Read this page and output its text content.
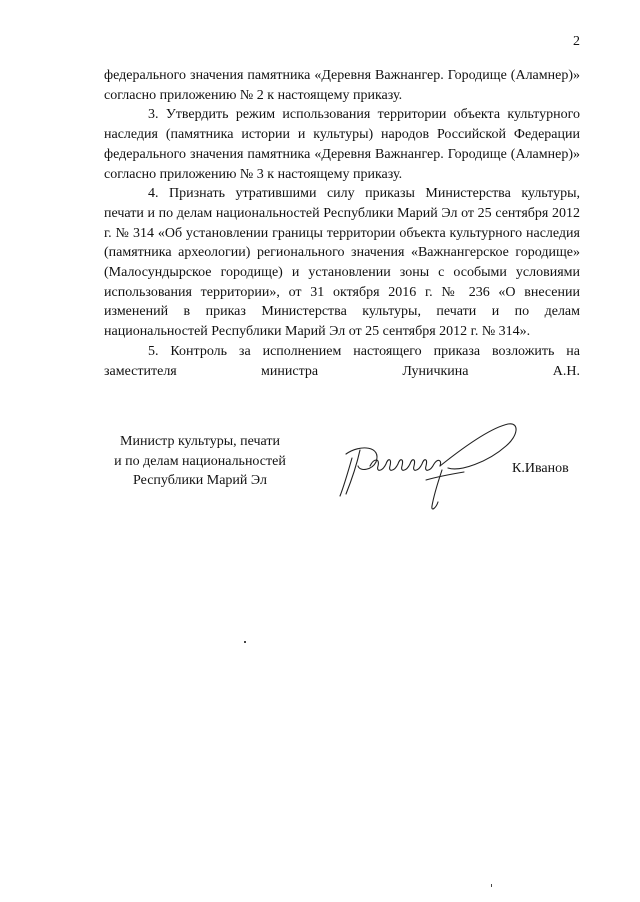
2

федерального значения памятника «Деревня Важнангер. Городище (Аламнер)» согласно приложению № 2 к настоящему приказу.

3. Утвердить режим использования территории объекта культурного наследия (памятника истории и культуры) народов Российской Федерации федерального значения памятника «Деревня Важнангер. Городище (Аламнер)» согласно приложению № 3 к настоящему приказу.

4. Признать утратившими силу приказы Министерства культуры, печати и по делам национальностей Республики Марий Эл от 25 сентября 2012 г. № 314 «Об установлении границы территории объекта культурного наследия (памятника археологии) регионального значения «Важнангерское городище» (Малосундырское городище) и установлении зоны с особыми условиями использования территории», от 31 октября 2016 г. № 236 «О внесении изменений в приказ Министерства культуры, печати и по делам национальностей Республики Марий Эл от 25 сентября 2012 г. № 314».

5. Контроль за исполнением настоящего приказа возложить на заместителя министра Луничкина А.Н.

Министр культуры, печати
и по делам национальностей
Республики Марий Эл
К.Иванов
